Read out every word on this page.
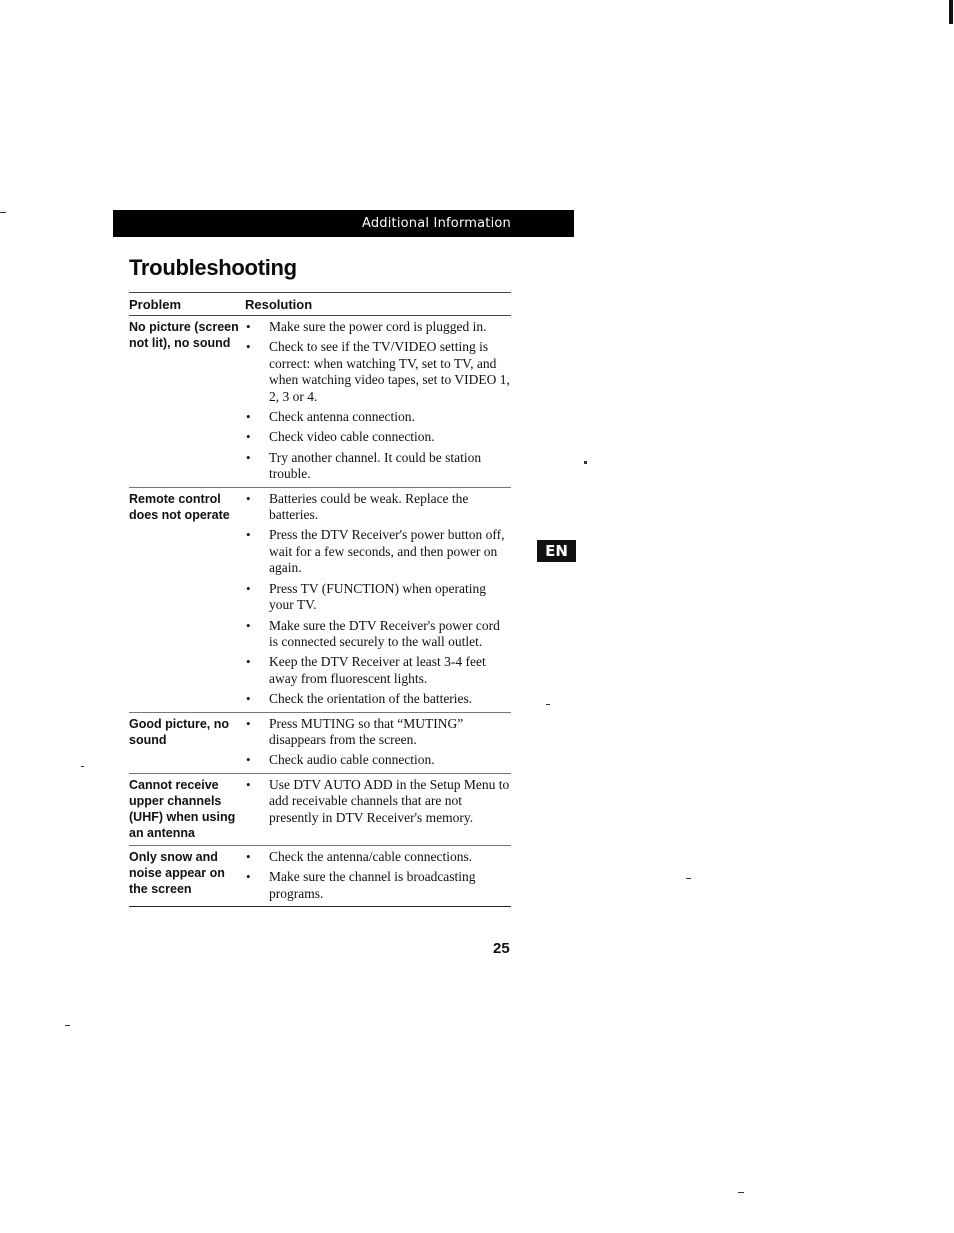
Additional Information
Troubleshooting
Problem	Resolution
No picture (screen not lit), no sound
• Make sure the power cord is plugged in.
• Check to see if the TV/VIDEO setting is correct: when watching TV, set to TV, and when watching video tapes, set to VIDEO 1, 2, 3 or 4.
• Check antenna connection.
• Check video cable connection.
• Try another channel. It could be station trouble.
Remote control does not operate
• Batteries could be weak. Replace the batteries.
• Press the DTV Receiver's power button off, wait for a few seconds, and then power on again.
• Press TV (FUNCTION) when operating your TV.
• Make sure the DTV Receiver's power cord is connected securely to the wall outlet.
• Keep the DTV Receiver at least 3-4 feet away from fluorescent lights.
• Check the orientation of the batteries.
Good picture, no sound
• Press MUTING so that “MUTING” disappears from the screen.
• Check audio cable connection.
Cannot receive upper channels (UHF) when using an antenna
• Use DTV AUTO ADD in the Setup Menu to add receivable channels that are not presently in DTV Receiver's memory.
Only snow and noise appear on the screen
• Check the antenna/cable connections.
• Make sure the channel is broadcasting programs.
EN
25
